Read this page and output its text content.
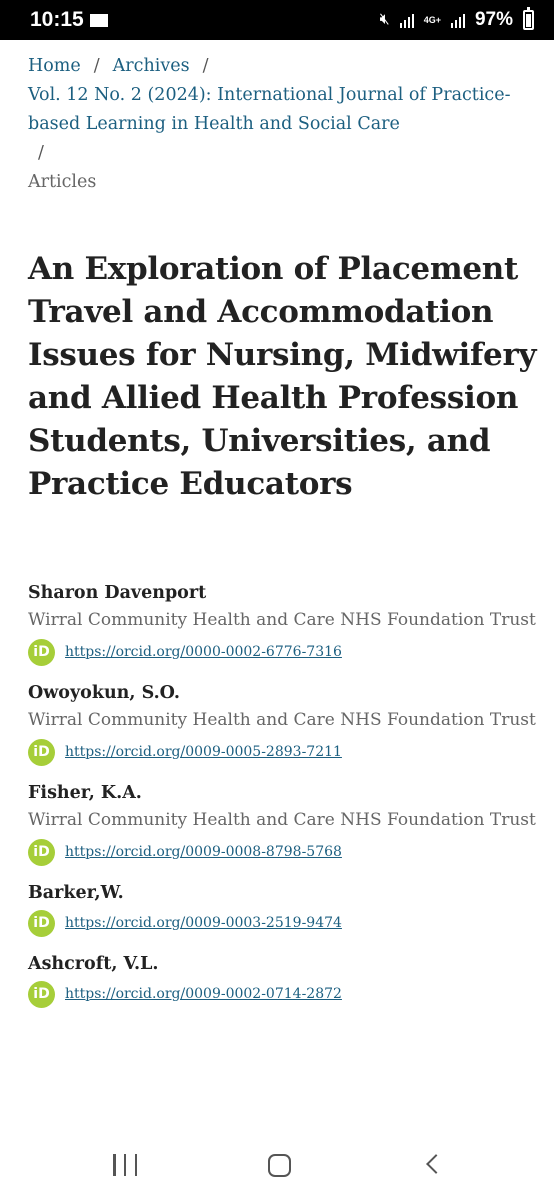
10:15	🔇︎	4G+ 97%
Home / Archives /
Vol. 12 No. 2 (2024): International Journal of Practice-based Learning in Health and Social Care
/
Articles
An Exploration of Placement Travel and Accommodation Issues for Nursing, Midwifery and Allied Health Profession Students, Universities, and Practice Educators
Sharon Davenport
Wirral Community Health and Care NHS Foundation Trust
iD	https://orcid.org/0000-0002-6776-7316
Owoyokun, S.O.
Wirral Community Health and Care NHS Foundation Trust
iD	https://orcid.org/0009-0005-2893-7211
Fisher, K.A.
Wirral Community Health and Care NHS Foundation Trust
iD	https://orcid.org/0009-0008-8798-5768
Barker,W.
iD	https://orcid.org/0009-0003-2519-9474
Ashcroft, V.L.
iD	https://orcid.org/0009-0002-0714-2872
